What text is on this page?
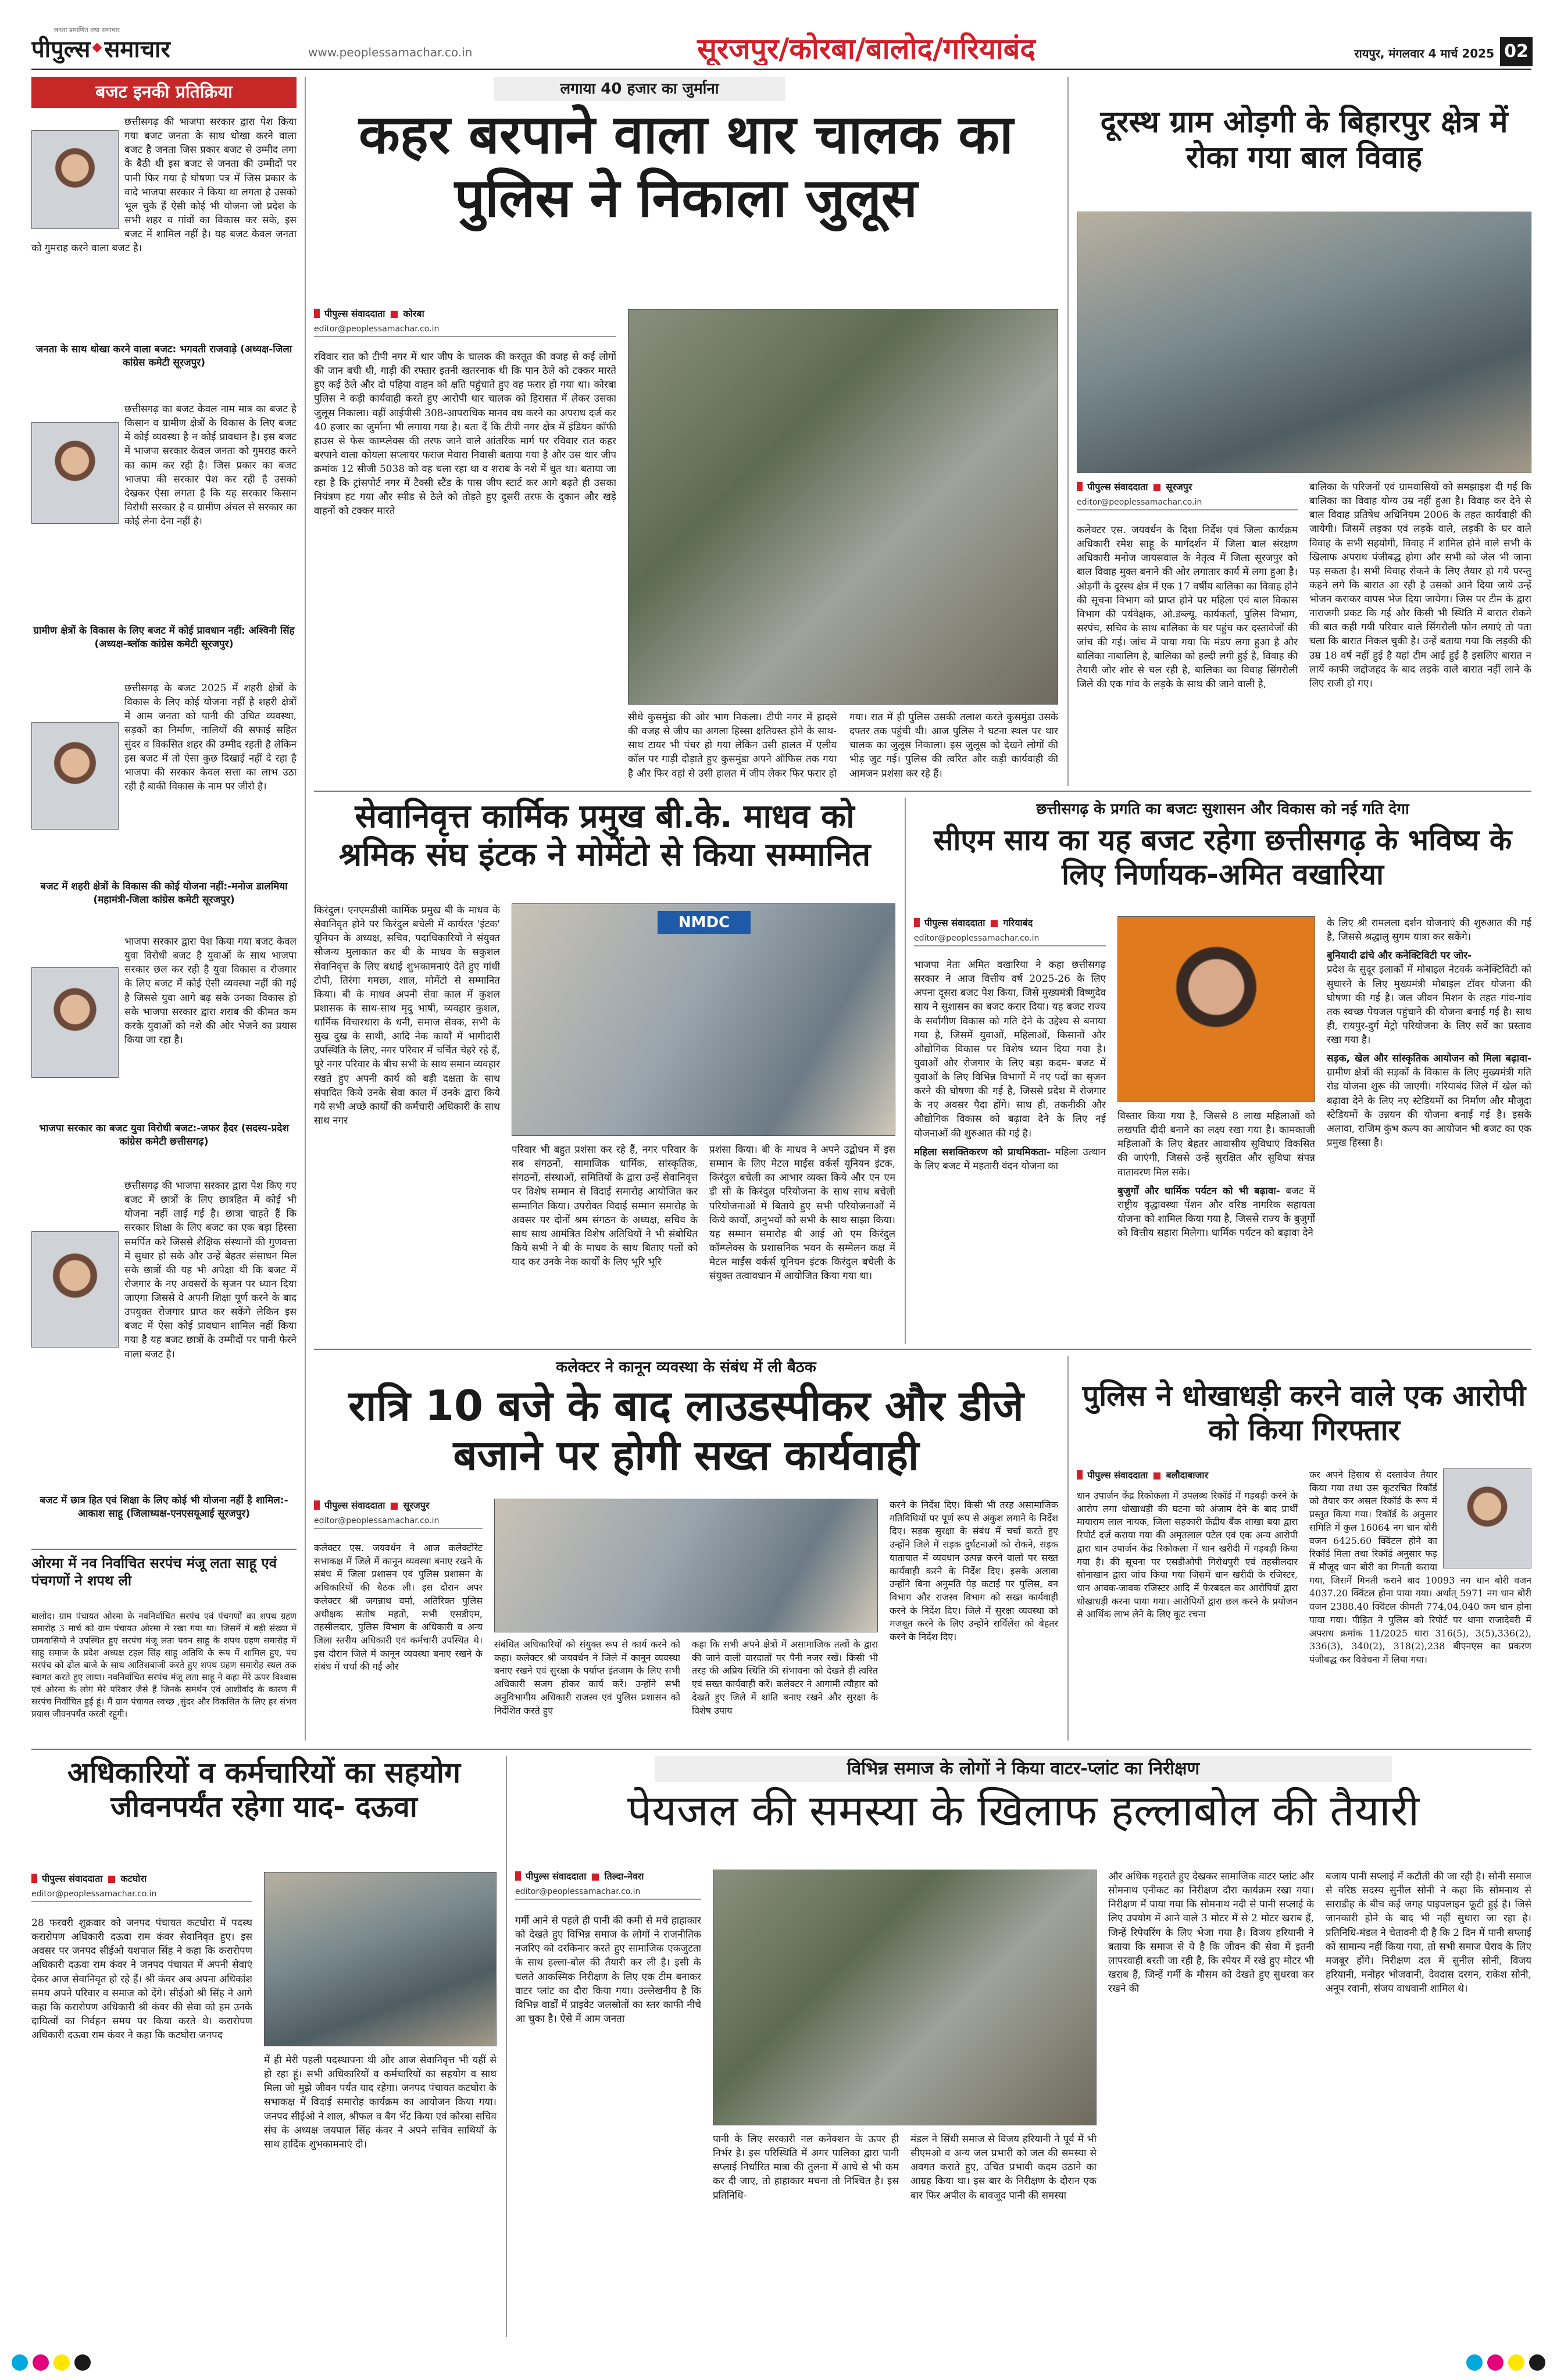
पीपुल्स समाचार
जनता प्रमाणित तथा समाचार
www.peoplessamachar.co.in	सूरजपुर/कोरबा/बालोद/गरियाबंद	रायपुर, मंगलवार 4 मार्च 2025 02
बजट इनकी प्रतिक्रिया

छत्तीसगढ़ की भाजपा सरकार द्वारा पेश किया गया बजट जनता के साथ धोखा करने वाला बजट है जनता जिस प्रकार बजट से उम्मीद लगा के बैठी थी इस बजट से जनता की उम्मीदों पर पानी फिर गया है घोषणा पत्र में जिस प्रकार के वादे भाजपा सरकार ने किया था लगता है उसको भूल चुके हैं ऐसी कोई भी योजना जो प्रदेश के सभी शहर व गांवों का विकास कर सके, इस बजट में शामिल नहीं है। यह बजट केवल जनता को गुमराह करने वाला बजट है।

जनता के साथ धोखा करने वाला बजट: भगवती राजवाड़े (अध्यक्ष-जिला कांग्रेस कमेटी सूरजपुर)

छत्तीसगढ़ का बजट केवल नाम मात्र का बजट है किसान व ग्रामीण क्षेत्रों के विकास के लिए बजट में कोई व्यवस्था है न कोई प्रावधान है। इस बजट में भाजपा सरकार केवल जनता को गुमराह करने का काम कर रही है। जिस प्रकार का बजट भाजपा की सरकार पेश कर रही है उसको देखकर ऐसा लगता है कि यह सरकार किसान विरोधी सरकार है व ग्रामीण अंचल से सरकार का कोई लेना देना नहीं है।

ग्रामीण क्षेत्रों के विकास के लिए बजट में कोई प्रावधान नहीं: अश्विनी सिंह (अध्यक्ष-ब्लॉक कांग्रेस कमेटी सूरजपुर)

छत्तीसगढ़ के बजट 2025 में शहरी क्षेत्रों के विकास के लिए कोई योजना नहीं है शहरी क्षेत्रों में आम जनता को पानी की उचित व्यवस्था, सड़कों का निर्माण, नालियों की सफाई सहित सुंदर व विकसित शहर की उम्मीद रहती है लेकिन इस बजट में तो ऐसा कुछ दिखाई नहीं दे रहा है भाजपा की सरकार केवल सत्ता का लाभ उठा रही है बाकी विकास के नाम पर जीरो है।

बजट में शहरी क्षेत्रों के विकास की कोई योजना नहीं:-मनोज डालमिया (महामंत्री-जिला कांग्रेस कमेटी सूरजपुर)

भाजपा सरकार द्वारा पेश किया गया बजट केवल युवा विरोधी बजट है युवाओं के साथ भाजपा सरकार छल कर रही है युवा विकास व रोजगार के लिए बजट में कोई ऐसी व्यवस्था नहीं की गई है जिससे युवा आगे बढ़ सके उनका विकास हो सके भाजपा सरकार द्वारा शराब की कीमत कम करके युवाओं को नशे की ओर भेजने का प्रयास किया जा रहा है।

भाजपा सरकार का बजट युवा विरोधी बजट:-जफर हैदर (सदस्य-प्रदेश कांग्रेस कमेटी छत्तीसगढ़)

छत्तीसगढ़ की भाजपा सरकार द्वारा पेश किए गए बजट में छात्रों के लिए छात्रहित में कोई भी योजना नहीं लाई गई है। छात्रा चाहते हैं कि सरकार शिक्षा के लिए बजट का एक बड़ा हिस्सा समर्पित करे जिससे शैक्षिक संस्थानों की गुणवत्ता में सुधार हो सके और उन्हें बेहतर संसाधन मिल सके छात्रों की यह भी अपेक्षा थी कि बजट में रोजगार के नए अवसरों के सृजन पर ध्यान दिया जाएगा जिससे वे अपनी शिक्षा पूर्ण करने के बाद उपयुक्त रोजगार प्राप्त कर सकेंगे लेकिन इस बजट में ऐसा कोई प्रावधान शामिल नहीं किया गया है यह बजट छात्रों के उम्मीदों पर पानी फेरने वाला बजट है।

बजट में छात्र हित एवं शिक्षा के लिए कोई भी योजना नहीं है शामिल:-आकाश साहू (जिलाध्यक्ष-एनएसयूआई सूरजपुर)
ओरमा में नव निर्वाचित सरपंच मंजू लता साहू एवं पंचगणों ने शपथ ली
बालोद। ग्राम पंचायत ओरमा के नवनिर्वाचित सरपंच एवं पंचगणों का शपथ ग्रहण समारोह 3 मार्च को ग्राम पंचायत ओरमा में रखा गया था। जिसमें में बड़ी संख्या में ग्रामवासियों ने उपस्थित हुए सरपंच मंजू लता पवन साहू के शपथ ग्रहण समारोह में साहू समाज के प्रदेश अध्यक्ष टहल सिंह साहू अतिथि के रूप में शामिल हुए, पंच सरपंच को ढोल बाजे के साथ आतिशबाजी करते हुए शपथ ग्रहण समारोह स्थल तक स्वागत करते हुए लाया। नवनिर्वाचित सरपंच मंजू लता साहू ने कहा मेरे ऊपर विश्वास एवं ओरमा के लोग मेरे परिवार जैसे हैं जिनके समर्थन एवं आशीर्वाद के कारण मैं सरपंच निर्वाचित हुई हूं। मैं ग्राम पंचायत स्वच्छ ,सुंदर और विकसित के लिए हर संभव प्रयास जीवनपर्यंत करती रहूंगी।
लगाया 40 हजार का जुर्माना
कहर बरपाने वाला थार चालक का पुलिस ने निकाला जुलूस
पीपुल्स संवाददाता ■ कोरबा
editor@peoplessamachar.co.in
रविवार रात को टीपी नगर में थार जीप के चालक की करतूत की वजह से कई लोगों की जान बची थी, गाड़ी की रफ्तार इतनी खतरनाक थी कि पान ठेले को टक्कर मारते हुए कई ठेले और दो पहिया वाहन को क्षति पहुंचाते हुए वह फरार हो गया था। कोरबा पुलिस ने कड़ी कार्यवाही करते हुए आरोपी थार चालक को हिरासत में लेकर उसका जुलूस निकाला। वहीं आईपीसी 308-आपराधिक मानव वध करने का अपराध दर्ज कर 40 हजार का जुर्माना भी लगाया गया है। बता दें कि टीपी नगर क्षेत्र में इंडियन कॉफी हाउस से फेस काम्प्लेक्स की तरफ जाने वाले आंतरिक मार्ग पर रविवार रात कहर बरपाने वाला कोयला सप्लायर फराज मेवारा निवासी बताया गया है और उस थार जीप क्रमांक 12 सीजी 5038 को वह चला रहा था व शराब के नशे में धुत था। बताया जा रहा है कि ट्रांसपोर्ट नगर में टैक्सी स्टैंड के पास जीप स्टार्ट कर आगे बढ़ते ही उसका नियंत्रण हट गया और स्पीड से ठेले को तोड़ते हुए दूसरी तरफ के दुकान और खड़े वाहनों को टक्कर मारते
सीधे कुसमुंडा की ओर भाग निकला। टीपी नगर में हादसे की वजह से जीप का अगला हिस्सा क्षतिग्रस्त होने के साथ-साथ टायर भी पंचर हो गया लेकिन उसी हालत में एलीव कॉल पर गाड़ी दौड़ाते हुए कुसमुंडा अपने ऑफिस तक गया है और फिर वहां से उसी हालत में जीप लेकर फिर फरार हो गया। रात में ही पुलिस उसकी तलाश करते कुसमुंडा उसके दफ्तर तक पहुंची थी। आज पुलिस ने घटना स्थल पर थार चालक का जुलूस निकाला। इस जुलूस को देखने लोगों की भीड़ जुट गई। पुलिस की त्वरित और कड़ी कार्यवाही की आमजन प्रशंसा कर रहे हैं।
दूरस्थ ग्राम ओड़गी के बिहारपुर क्षेत्र में रोका गया बाल विवाह
पीपुल्स संवाददाता ■ सूरजपुर
editor@peoplessamachar.co.in
कलेक्टर एस. जयवर्धन के दिशा निर्देश एवं जिला कार्यक्रम अधिकारी रमेश साहू के मार्गदर्शन में जिला बाल संरक्षण अधिकारी मनोज जायसवाल के नेतृत्व में जिला सूरजपुर को बाल विवाह मुक्त बनाने की ओर लगातार कार्य में लगा हुआ है। ओड़गी के दूरस्थ क्षेत्र में एक 17 वर्षीय बालिका का विवाह होने की सूचना विभाग को प्राप्त होने पर महिला एवं बाल विकास विभाग की पर्यवेक्षक, ओ.डब्ल्यू. कार्यकर्ता, पुलिस विभाग, सरपंच, सचिव के साथ बालिका के घर पहुंच कर दस्तावेजों की जांच की गई। जांच में पाया गया कि मंडप लगा हुआ है और बालिका नाबालिग है, बालिका को हल्दी लगी हुई है, विवाह की तैयारी जोर शोर से चल रही है, बालिका का विवाह सिंगरौली जिले की एक गांव के लड़के के साथ की जाने वाली है,
बालिका के परिजनों एवं ग्रामवासियों को समझाइश दी गई कि बालिका का विवाह योग्य उम्र नहीं हुआ है। विवाह कर देने से बाल विवाह प्रतिषेध अधिनियम 2006 के तहत कार्यवाही की जायेगी। जिसमें लड़का एवं लड़के वाले, लड़की के घर वाले विवाह के सभी सहयोगी, विवाह में शामिल होने वाले सभी के खिलाफ अपराध पंजीबद्ध होगा और सभी को जेल भी जाना पड़ सकता है। सभी विवाह रोकने के लिए तैयार हो गये परन्तु कहने लगे कि बारात आ रही है उसको आने दिया जाये उन्हें भोजन कराकर वापस भेज दिया जायेगा। जिस पर टीम के द्वारा नाराजगी प्रकट कि गई और किसी भी स्थिति में बारात रोकने की बात कही गयी परिवार वाले सिंगरौली फोन लगाएं तो पता चला कि बारात निकल चुकी है। उन्हें बताया गया कि लड़की की उम्र 18 वर्ष नहीं हुई है यहां टीम आई हुई है इसलिए बारात न लायें काफी जद्दोजहद के बाद लड़के वाले बारात नहीं लाने के लिए राजी हो गए।
सेवानिवृत्त कार्मिक प्रमुख बी.के. माधव को श्रमिक संघ इंटक ने मोमेंटो से किया सम्मानित
किरंदुल। एनएमडीसी कार्मिक प्रमुख बी के माधव के सेवानिवृत होने पर किरंदुल बचेली में कार्यरत 'इंटक' यूनियन के अध्यक्ष, सचिव, पदाधिकारियों ने संयुक्त सौजन्य मुलाकात कर बी के माधव के सकुशल सेवानिवृत्त के लिए बधाई शुभकामनाएं देते हुए गांधी टोपी, तिरंगा गमछा, शाल, मोमेंटो से सम्मानित किया। बी के माधव अपनी सेवा काल में कुशल प्रशासक के साथ-साथ मृदु भाषी, व्यवहार कुशल, धार्मिक विचारधारा के धनी, समाज सेवक, सभी के सुख दुख के साथी, आदि नेक कार्यों में भागीदारी उपस्थिति के लिए, नगर परिवार में चर्चित चेहरे रहे हैं, पूरे नगर परिवार के बीच सभी के साथ समान व्यवहार रखते हुए अपनी कार्य को बड़ी दक्षता के साथ संपादित किये उनके सेवा काल में उनके द्वारा किये गये सभी अच्छे कार्यों की कर्मचारी अधिकारी के साथ साथ नगर
NMDC
परिवार भी बहुत प्रशंसा कर रहे हैं, नगर परिवार के सब संगठनों, सामाजिक धार्मिक, सांस्कृतिक, संगठनों, संस्थाओं, समितियों के द्वारा उन्हें सेवानिवृत्त पर विशेष सम्मान से विदाई समारोह आयोजित कर सम्मानित किया। उपरोक्त विदाई सम्मान समारोह के अवसर पर दोनों श्रम संगठन के अध्यक्ष, सचिव के साथ साथ आमंत्रित विशेष अतिथियों ने भी संबोधित किये सभी ने बी के माधव के साथ बिताए पलों को याद कर उनके नेक कार्यों के लिए भूरि भूरि
प्रशंसा किया। बी के माधव ने अपने उद्बोधन में इस सम्मान के लिए मेटल माईस वर्कर्स यूनियन इंटक, किरंदुल बचेली का आभार व्यक्त किये और एन एम डी सी के किरंदुल परियोजना के साथ साथ बचेली परियोजनाओं में बिताये हुए सभी परियोजनाओं में किये कार्यों, अनुभवों को सभी के साथ साझा किया। यह सम्मान समारोह बी आई ओ एम किरंदुल कॉम्प्लेक्स के प्रशासनिक भवन के सम्मेलन कक्ष में मेटल माईंस वर्कर्स यूनियन इंटक किरंदुल बचेली के संयुक्त तत्वावधान में आयोजित किया गया था।
छत्तीसगढ़ के प्रगति का बजटः सुशासन और विकास को नई गति देगा
सीएम साय का यह बजट रहेगा छत्तीसगढ़ के भविष्य के लिए निर्णायक-अमित वखारिया
पीपुल्स संवाददाता ■ गरियाबंद
editor@peoplessamachar.co.in

भाजपा नेता अमित वखारिया ने कहा छत्तीसगढ़ सरकार ने आज वित्तीय वर्ष 2025-26 के लिए अपना दूसरा बजट पेश किया, जिसे मुख्यमंत्री विष्णुदेव साय ने सुशासन का बजट करार दिया। यह बजट राज्य के सर्वांगीण विकास को गति देने के उद्देश्य से बनाया गया है, जिसमें युवाओं, महिलाओं, किसानों और औद्योगिक विकास पर विशेष ध्यान दिया गया है। युवाओं और रोजगार के लिए बड़ा कदम- बजट में युवाओं के लिए विभिन्न विभागों में नए पदों का सृजन करने की घोषणा की गई है, जिससे प्रदेश में रोजगार के नए अवसर पैदा होंगे। साथ ही, तकनीकी और औद्योगिक विकास को बढ़ावा देने के लिए नई योजनाओं की शुरुआत की गई है।

महिला सशक्तिकरण को प्राथमिकता- महिला उत्थान के लिए बजट में महतारी वंदन योजना का

विस्तार किया गया है, जिससे 8 लाख महिलाओं को लखपति दीदी बनाने का लक्ष्य रखा गया है। कामकाजी महिलाओं के लिए बेहतर आवासीय सुविधाएं विकसित की जाएंगी, जिससे उन्हें सुरक्षित और सुविधा संपन्न वातावरण मिल सके।

बुजुर्गों और धार्मिक पर्यटन को भी बढ़ावा- बजट में राष्ट्रीय वृद्धावस्था पेंशन और वरिष्ठ नागरिक सहायता योजना को शामिल किया गया है, जिससे राज्य के बुजुर्गों को वित्तीय सहारा मिलेगा। धार्मिक पर्यटन को बढ़ावा देने

के लिए श्री रामलला दर्शन योजनाएं की शुरुआत की गई है, जिससे श्रद्धालु सुगम यात्रा कर सकेंगे।

बुनियादी ढांचे और कनेक्टिविटी पर जोर-

प्रदेश के सुदूर इलाकों में मोबाइल नेटवर्क कनेक्टिविटी को सुधारने के लिए मुख्यमंत्री मोबाइल टॉवर योजना की घोषणा की गई है। जल जीवन मिशन के तहत गांव-गांव तक स्वच्छ पेयजल पहुंचाने की योजना बनाई गई है। साथ ही, रायपुर-दुर्ग मेट्रो परियोजना के लिए सर्वे का प्रस्ताव रखा गया है।

सड़क, खेल और सांस्कृतिक आयोजन को मिला बढ़ावा- ग्रामीण क्षेत्रों की सड़कों के विकास के लिए मुख्यमंत्री गति रोड योजना शुरू की जाएगी। गरियाबंद जिले में खेल को बढ़ावा देने के लिए नए स्टेडियमों का निर्माण और मौजूदा स्टेडियमों के उन्नयन की योजना बनाई गई है। इसके अलावा, राजिम कुंभ कल्प का आयोजन भी बजट का एक प्रमुख हिस्सा है।
कलेक्टर ने कानून व्यवस्था के संबंध में ली बैठक
रात्रि 10 बजे के बाद लाउडस्पीकर और डीजे बजाने पर होगी सख्त कार्यवाही
पीपुल्स संवाददाता ■ सूरजपुर
editor@peoplessamachar.co.in
कलेक्टर एस. जयवर्धन ने आज कलेक्टोरेट सभाकक्ष में जिले में कानून व्यवस्था बनाए रखने के संबंध में जिला प्रशासन एवं पुलिस प्रशासन के अधिकारियों की बैठक ली। इस दौरान अपर कलेक्टर श्री जगन्नाथ वर्मा, अतिरिक्त पुलिस अधीक्षक संतोष महतो, सभी एसडीएम, तहसीलदार, पुलिस विभाग के अधिकारी व अन्य जिला स्तरीय अधिकारी एवं कर्मचारी उपस्थित थे। इस दौरान जिले में कानून व्यवस्था बनाए रखने के संबंध में चर्चा की गई और
संबंधित अधिकारियों को संयुक्त रूप से कार्य करने को कहा। कलेक्टर श्री जयवर्धन ने जिले में कानून व्यवस्था बनाए रखने एवं सुरक्षा के पर्याप्त इंतजाम के लिए सभी अधिकारी सजग होकर कार्य करें। उन्होंने सभी अनुविभागीय अधिकारी राजस्व एवं पुलिस प्रशासन को निर्देशित करते हुए
कहा कि सभी अपने क्षेत्रों में असामाजिक तत्वों के द्वारा की जाने वाली वारदातों पर पैनी नजर रखें। किसी भी तरह की अप्रिय स्थिति की संभावना को देखते ही त्वरित एवं सख्त कार्यवाही करें। कलेक्टर ने आगामी त्यौहार को देखते हुए जिले में शांति बनाए रखने और सुरक्षा के विशेष उपाय
करने के निर्देश दिए। किसी भी तरह असामाजिक गतिविधियों पर पूर्ण रूप से अंकुश लगाने के निर्देश दिए। सड़क सुरक्षा के संबंध में चर्चा करते हुए उन्होंने जिले में सड़क दुर्घटनाओं को रोकने, सड़क यातायात में व्यवधान उत्पन्न करने वालों पर सख्त कार्यवाही करने के निर्देश दिए। इसके अलावा उन्होंने बिना अनुमति पेड़ कटाई पर पुलिस, वन विभाग और राजस्व विभाग को सख्त कार्यवाही करने के निर्देश दिए। जिले में सुरक्षा व्यवस्था को मजबूत करने के लिए उन्होंने सर्विलेंस को बेहतर करने के निर्देश दिए।
पुलिस ने धोखाधड़ी करने वाले एक आरोपी को किया गिरफ्तार
पीपुल्स संवाददाता ■ बलौदाबाजार
धान उपार्जन केंद्र रिकोकला में उपलब्ध रिकॉर्ड में गड़बड़ी करने के आरोप लगा धोखाधड़ी की घटना को अंजाम देने के बाद प्रार्थी मायाराम लाल नायक, जिला सहकारी केंद्रीय बैंक शाखा बया द्वारा रिपोर्ट दर्ज कराया गया की अमृतलाल पटेल एवं एक अन्य आरोपी द्वारा धान उपार्जन केंद्र रिकोकला में धान खरीदी में गड़बड़ी किया गया है। की सूचना पर एसडीओपी गिरोधपुरी एवं तहसीलदार सोनाखान द्वारा जांच किया गया जिसमें धान खरीदी के रजिस्टर, धान आवक-जावक रजिस्टर आदि में फेरबदल कर आरोपियों द्वारा धोखाधड़ी करना पाया गया। आरोपियों द्वारा छल करने के प्रयोजन से आर्थिक लाभ लेने के लिए कूट रचना
कर अपने हिसाब से दस्तावेज तैयार किया गया तथा उस कूटरचित रिकॉर्ड को तैयार कर असल रिकॉर्ड के रूप में प्रस्तुत किया गया। रिकॉर्ड के अनुसार समिति में कुल 16064 नग धान बोरी वजन 6425.60 क्विंटल होने का रिकॉर्ड मिला तथा रिकॉर्ड अनुसार फड़ में मौजूद धान बोरी का गिनती कराया गया, जिसमें गिनती कराने बाद 10093 नग धान बोरी वजन 4037.20 क्विंटल होना पाया गया। अर्थात् 5971 नग धान बोरी वजन 2388.40 क्विंटल कीमती 774,04,040 कम धान होना पाया गया। पीड़ित ने पुलिस को रिपोर्ट पर थाना राजादेवरी में अपराध क्रमांक 11/2025 धारा 316(5), 3(5),336(2), 336(3), 340(2), 318(2),238 बीएनएस का प्रकरण पंजीबद्ध कर विवेचना में लिया गया।
अधिकारियों व कर्मचारियों का सहयोग जीवनपर्यंत रहेगा याद- दऊवा
पीपुल्स संवाददाता ■ कटघोरा
editor@peoplessamachar.co.in
28 फरवरी शुक्रवार को जनपद पंचायत कटघोरा में पदस्थ करारोपण अधिकारी दऊवा राम कंवर सेवानिवृत हुए। इस अवसर पर जनपद सीईओ यशपाल सिंह ने कहा कि करारोपण अधिकारी दऊवा राम कंवर ने जनपद पंचायत में अपनी सेवाएं देकर आज सेवानिवृत हो रहे हैं। श्री कंवर अब अपना अधिकांश समय अपने परिवार व समाज को देंगे। सीईओ श्री सिंह ने आगे कहा कि करारोपण अधिकारी श्री कंवर की सेवा को हम उनके दायित्वों का निर्वहन समय पर किया करते थे। करारोपण अधिकारी दऊवा राम कंवर ने कहा कि कटघोरा जनपद
में ही मेरी पहली पदस्थापना थी और आज सेवानिवृत्त भी यहीं से हो रहा हूं। सभी अधिकारियों व कर्मचारियों का सहयोग व साथ मिला जो मुझे जीवन पर्यंत याद रहेगा। जनपद पंचायत कटघोरा के सभाकक्ष में विदाई समारोह कार्यक्रम का आयोजन किया गया। जनपद सीईओ ने शाल, श्रीफल व बैग भेंट किया एवं कोरबा सचिव संघ के अध्यक्ष जयपाल सिंह कंवर ने अपने सचिव साथियों के साथ हार्दिक शुभकामनाएं दी।
विभिन्न समाज के लोगों ने किया वाटर-प्लांट का निरीक्षण
पेयजल की समस्या के खिलाफ हल्लाबोल की तैयारी
पीपुल्स संवाददाता ■ तिल्दा-नेवरा
editor@peoplessamachar.co.in
गर्मी आने से पहले ही पानी की कमी से मचे हाहाकार को देखते हुए विभिन्न समाज के लोगों ने राजनीतिक नजरिए को दरकिनार करते हुए सामाजिक एकजुटता के साथ हल्ला-बोल की तैयारी कर ली है। इसी के चलते आकस्मिक निरीक्षण के लिए एक टीम बनाकर वाटर प्लांट का दौरा किया गया। उल्लेखनीय है कि विभिन्न वार्डों में प्राइवेट जलस्रोतों का स्तर काफी नीचे आ चुका है। ऐसे में आम जनता
पानी के लिए सरकारी नल कनेक्शन के ऊपर ही निर्भर है। इस परिस्थिति में अगर पालिका द्वारा पानी सप्लाई निर्धारित मात्रा की तुलना में आधे से भी कम कर दी जाए, तो हाहाकार मचना तो निश्चित है। इस प्रतिनिधि-
मंडल ने सिंधी समाज से विजय हरियानी ने पूर्व में भी सीएमओ व अन्य जल प्रभारी को जल की समस्या से अवगत कराते हुए, उचित प्रभावी कदम उठाने का आग्रह किया था। इस बार के निरीक्षण के दौरान एक बार फिर अपील के बावजूद पानी की समस्या
और अधिक गहराते हुए देखकर सामाजिक वाटर प्लांट और सोमनाथ एनीकट का निरीक्षण दौरा कार्यक्रम रखा गया। निरीक्षण में पाया गया कि सोमनाथ नदी से पानी सप्लाई के लिए उपयोग में आने वाले 3 मोटर में से 2 मोटर खराब हैं, जिन्हें रिपेयरिंग के लिए भेजा गया है। विजय हरियानी ने बताया कि समाज से ये है कि जीवन की सेवा में इतनी लापरवाही बरती जा रही है, कि स्पेयर में रखे हुए मोटर भी खराब हैं, जिन्हें गर्मी के मौसम को देखते हुए सुधरवा कर रखने की
बजाय पानी सप्लाई में कटौती की जा रही है। सोनी समाज से वरिष्ठ सदस्य सुनील सोनी ने कहा कि सोमनाथ से साराडीह के बीच कई जगह पाइपलाइन फूटी हुई है। जिसे जानकारी होने के बाद भी नहीं सुधारा जा रहा है। प्रतिनिधि-मंडल ने चेतावनी दी है कि 2 दिन में पानी सप्लाई को सामान्य नहीं किया गया, तो सभी समाज घेराव के लिए मजबूर होंगे। निरीक्षण दल में सुनील सोनी, विजय हरियानी, मनोहर भोजवानी, देवदास दरगन, राकेश सोनी, अनूप रवानी, संजय वाधवानी शामिल थे।
